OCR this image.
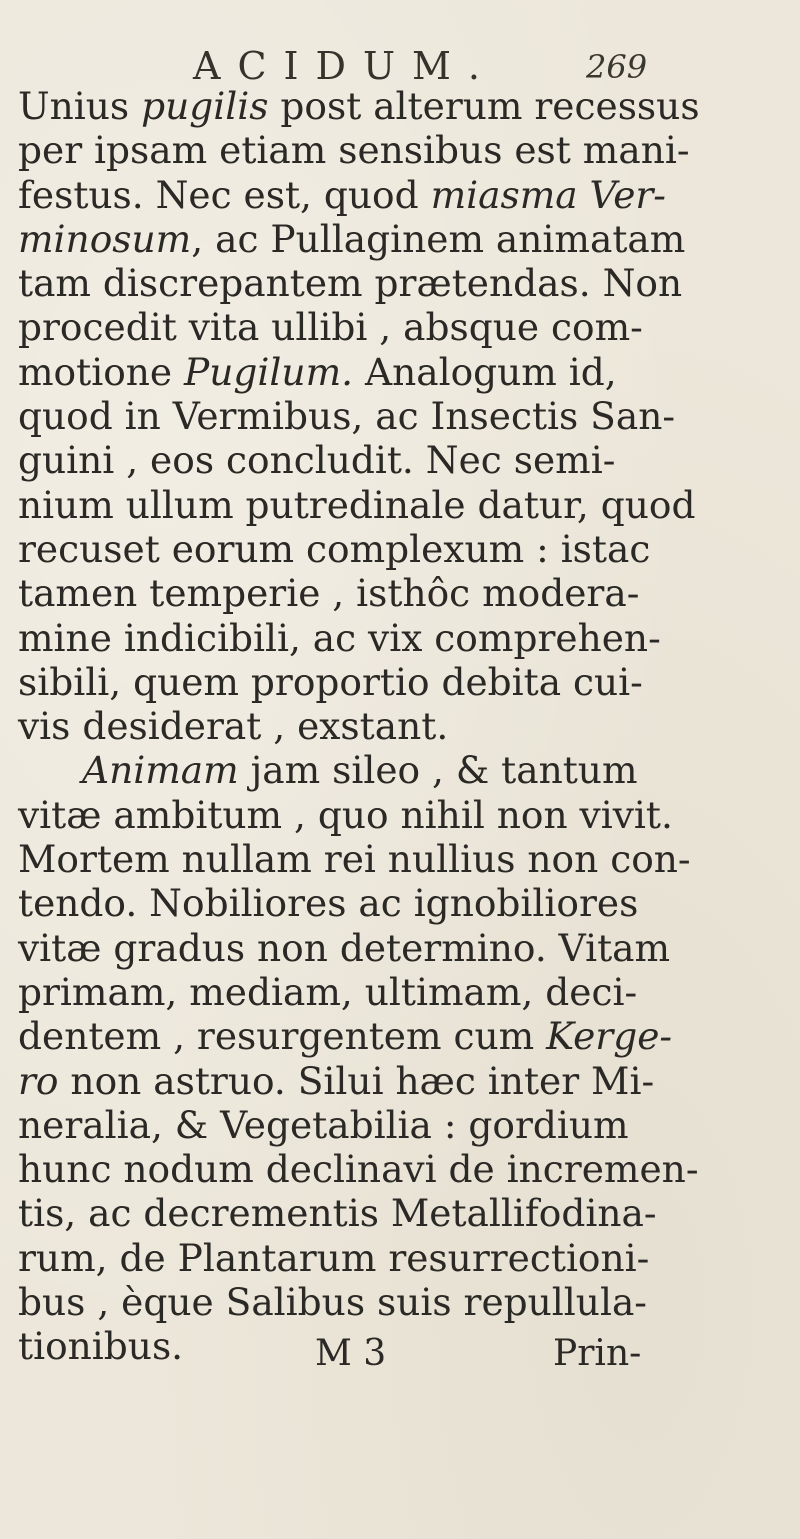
ACIDUM.	269
Unius pugilis post alterum recessus
per ipsam etiam sensibus est mani-
festus. Nec est, quod miasma Ver-
minosum, ac Pullaginem animatam
tam discrepantem prætendas. Non
procedit vita ullibi , absque com-
motione Pugilum. Analogum id,
quod in Vermibus, ac Insectis San-
guini , eos concludit. Nec semi-
nium ullum putredinale datur, quod
recuset eorum complexum : istac
tamen temperie , isthôc modera-
mine indicibili, ac vix comprehen-
sibili, quem proportio debita cui-
vis desiderat , exstant.
Animam jam sileo , & tantum
vitæ ambitum , quo nihil non vivit.
Mortem nullam rei nullius non con-
tendo. Nobiliores ac ignobiliores
vitæ gradus non determino. Vitam
primam, mediam, ultimam, deci-
dentem , resurgentem cum Kerge-
ro non astruo. Silui hæc inter Mi-
neralia, & Vegetabilia : gordium
hunc nodum declinavi de incremen-
tis, ac decrementis Metallifodina-
rum, de Plantarum resurrectioni-
bus , èque Salibus suis repullula-
tionibus.	M 3	Prin-
